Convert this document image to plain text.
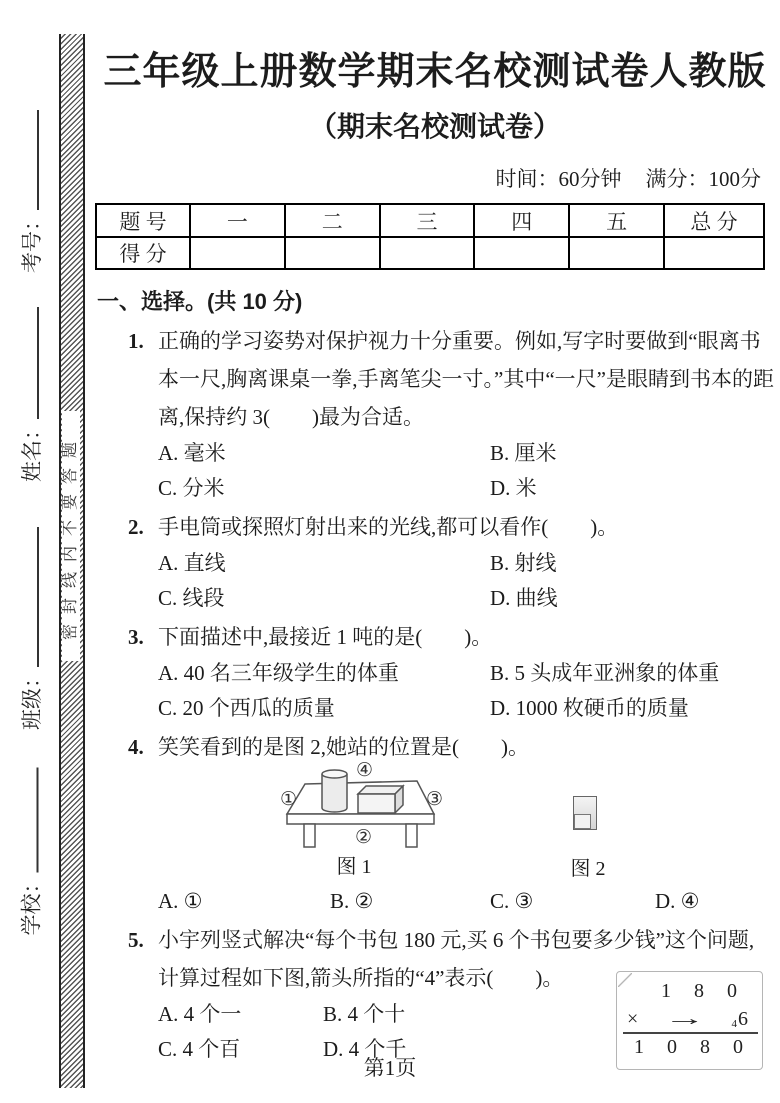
考号：
姓名：
班级：
学校：
密封线内不要答题
三年级上册数学期末名校测试卷人教版
（期末名校测试卷）
时间：60分钟 满分：100分
题 号	一	二	三	四	五	总 分
得 分						
一、选择。(共 10 分)
1. 正确的学习姿势对保护视力十分重要。例如,写字时要做到“眼离书本一尺,胸离课桌一拳,手离笔尖一寸。”其中“一尺”是眼睛到书本的距离,保持约 3(　　)最为合适。
A. 毫米	B. 厘米
C. 分米	D. 米
2. 手电筒或探照灯射出来的光线,都可以看作(　　)。
A. 直线	B. 射线
C. 线段	D. 曲线
3. 下面描述中,最接近 1 吨的是(　　)。
A. 40 名三年级学生的体重	B. 5 头成年亚洲象的体重
C. 20 个西瓜的质量	D. 1000 枚硬币的质量
4. 笑笑看到的是图 2,她站的位置是(　　)。
①
②
③
④
图 1	图 2
A. ①	B. ②	C. ③	D. ④
5. 小宇列竖式解决“每个书包 180 元,买 6 个书包要多少钱”这个问题,计算过程如下图,箭头所指的“4”表示(　　)。
A. 4 个一	B. 4 个十
C. 4 个百	D. 4 个千
1 8 0
×	→	4 6
1 0 8 0
第1页
